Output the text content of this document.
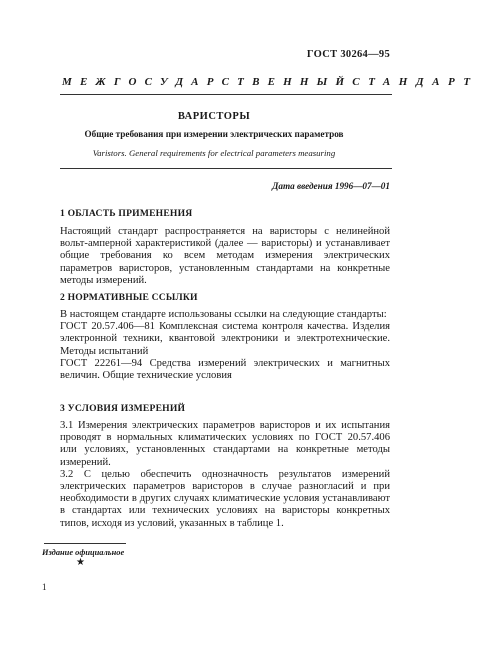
ГОСТ 30264—95
МЕЖГОСУДАРСТВЕННЫЙ СТАНДАРТ
ВАРИСТОРЫ
Общие требования при измерении электрических параметров
Varistors. General requirements for electrical parameters measuring
Дата введения 1996—07—01
1 ОБЛАСТЬ ПРИМЕНЕНИЯ

Настоящий стандарт распространяется на варисторы с нелинейной вольт-амперной характеристикой (далее — варисторы) и устанавливает общие требования ко всем методам измерения электрических параметров варисторов, установленным стандартами на конкретные методы измерений.

2 НОРМАТИВНЫЕ ССЫЛКИ

В настоящем стандарте использованы ссылки на следующие стандарты:

ГОСТ 20.57.406—81 Комплексная система контроля качества. Изделия электронной техники, квантовой электроники и электротехнические. Методы испытаний

ГОСТ 22261—94 Средства измерений электрических и магнитных величин. Общие технические условия

3 УСЛОВИЯ ИЗМЕРЕНИЙ

3.1 Измерения электрических параметров варисторов и их испытания проводят в нормальных климатических условиях по ГОСТ 20.57.406 или условиях, установленных стандартами на конкретные методы измерений.

3.2 С целью обеспечить однозначность результатов измерений электрических параметров варисторов в случае разногласий и при необходимости в других случаях климатические условия устанавливают в стандартах или технических условиях на варисторы конкретных типов, исходя из условий, указанных в таблице 1.

Издание официальное
★
1
